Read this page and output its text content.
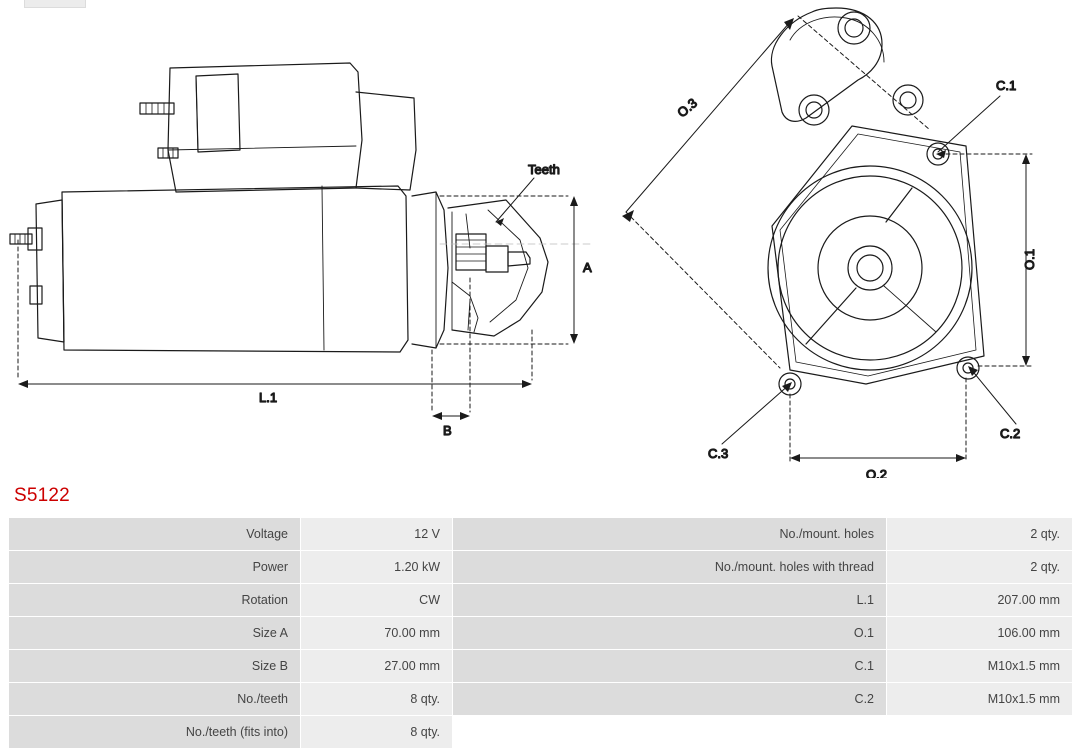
A
L.1
B
Teeth
O.1
O.2
O.3
C.1
C.2
C.3
S5122
Voltage	12 V	No./mount. holes	2 qty.
Power	1.20 kW	No./mount. holes with thread	2 qty.
Rotation	CW	L.1	207.00 mm
Size A	70.00 mm	O.1	106.00 mm
Size B	27.00 mm	C.1	M10x1.5 mm
No./teeth	8 qty.	C.2	M10x1.5 mm
No./teeth (fits into)	8 qty.		
